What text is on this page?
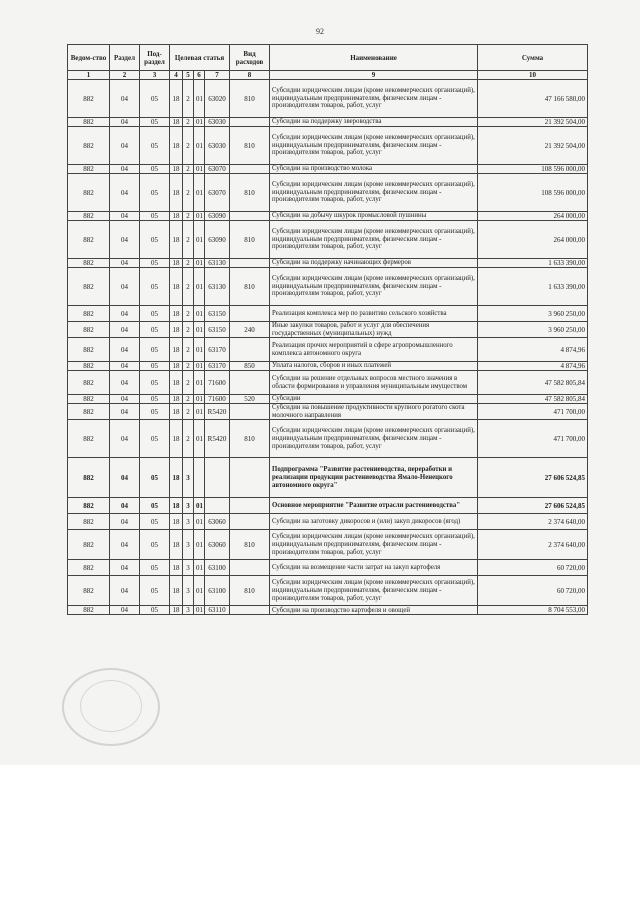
92
Ведом-ство	Раздел	Под-раздел	Целевая статья				Вид расходов	Наименование	Сумма
1	2	3	4	5	6	7	8	9	10
882	04	05	18	2	01	63020	810	Субсидии юридическим лицам (кроме некоммерческих организаций), индивидуальным предпринимателям, физическим лицам - производителям товаров, работ, услуг	47 166 580,00
882	04	05	18	2	01	63030		Субсидии на поддержку звероводства	21 392 504,00
882	04	05	18	2	01	63030	810	Субсидии юридическим лицам (кроме некоммерческих организаций), индивидуальным предпринимателям, физическим лицам - производителям товаров, работ, услуг	21 392 504,00
882	04	05	18	2	01	63070		Субсидии на производство молока	108 596 000,00
882	04	05	18	2	01	63070	810	Субсидии юридическим лицам (кроме некоммерческих организаций), индивидуальным предпринимателям, физическим лицам - производителям товаров, работ, услуг	108 596 000,00
882	04	05	18	2	01	63090		Субсидии на добычу шкурок промысловой пушнины	264 000,00
882	04	05	18	2	01	63090	810	Субсидии юридическим лицам (кроме некоммерческих организаций), индивидуальным предпринимателям, физическим лицам - производителям товаров, работ, услуг	264 000,00
882	04	05	18	2	01	63130		Субсидии на поддержку начинающих фермеров	1 633 390,00
882	04	05	18	2	01	63130	810	Субсидии юридическим лицам (кроме некоммерческих организаций), индивидуальным предпринимателям, физическим лицам - производителям товаров, работ, услуг	1 633 390,00
882	04	05	18	2	01	63150		Реализация комплекса мер по развитию сельского хозяйства	3 960 250,00
882	04	05	18	2	01	63150	240	Иные закупки товаров, работ и услуг для обеспечения государственных (муниципальных) нужд	3 960 250,00
882	04	05	18	2	01	63170		Реализация прочих мероприятий в сфере агропромышленного комплекса автономного округа	4 874,96
882	04	05	18	2	01	63170	850	Уплата налогов, сборов и иных платежей	4 874,96
882	04	05	18	2	01	71600		Субсидии на решение отдельных вопросов местного значения в области формирования и управления муниципальным имуществом	47 582 805,84
882	04	05	18	2	01	71600	520	Субсидии	47 582 805,84
882	04	05	18	2	01	R5420		Субсидии на повышение продуктивности крупного рогатого скота молочного направления	471 700,00
882	04	05	18	2	01	R5420	810	Субсидии юридическим лицам (кроме некоммерческих организаций), индивидуальным предпринимателям, физическим лицам - производителям товаров, работ, услуг	471 700,00
882	04	05	18	3				Подпрограмма "Развитие растениеводства, переработки и реализации продукции растениеводства Ямало-Ненецкого автономного округа"	27 606 524,85
882	04	05	18	3	01			Основное мероприятие "Развитие отрасли растениеводства"	27 606 524,85
882	04	05	18	3	01	63060		Субсидии на заготовку дикоросов и (или) закуп дикоросов (ягод)	2 374 640,00
882	04	05	18	3	01	63060	810	Субсидии юридическим лицам (кроме некоммерческих организаций), индивидуальным предпринимателям, физическим лицам - производителям товаров, работ, услуг	2 374 640,00
882	04	05	18	3	01	63100		Субсидии на возмещение части затрат на закуп картофеля	60 720,00
882	04	05	18	3	01	63100	810	Субсидии юридическим лицам (кроме некоммерческих организаций), индивидуальным предпринимателям, физическим лицам - производителям товаров, работ, услуг	60 720,00
882	04	05	18	3	01	63110		Субсидии на производство картофеля и овощей	8 704 553,00
